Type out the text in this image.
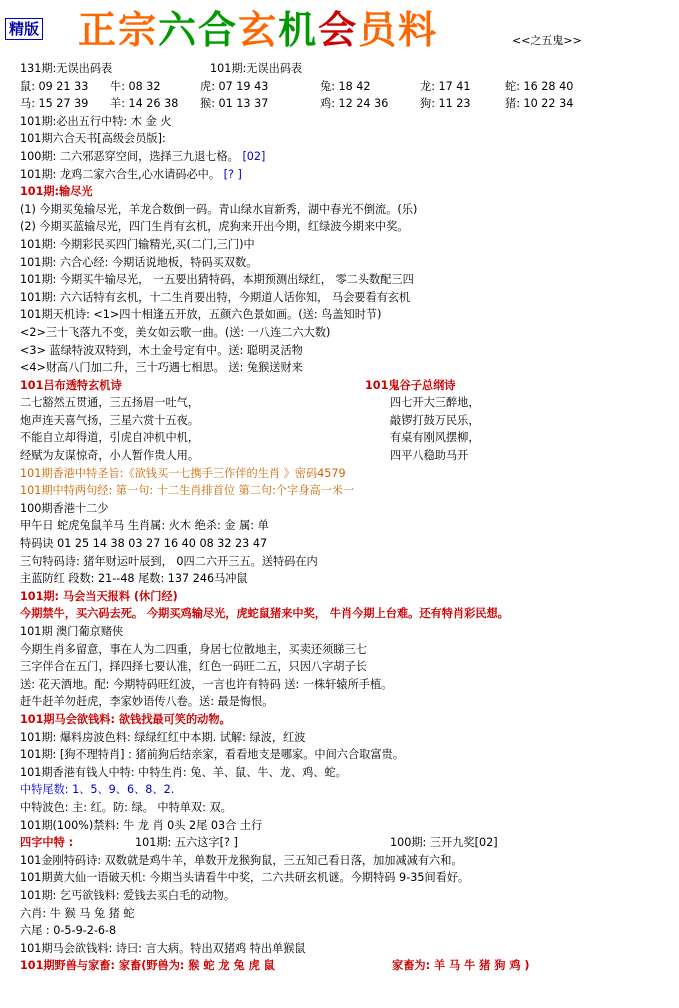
精版 正宗六合玄机会员料	<<之五鬼>>
131期:无误出码表	101期:无误出码表
鼠: 09 21 33 牛: 08 32	虎: 07 19 43	兔: 18 42	龙: 17 41	蛇: 16 28 40
马: 15 27 39 羊: 14 26 38 猴: 01 13 37	鸡: 12 24 36	狗: 11 23	猪: 10 22 34
101期:必出五行中特: 木 金 火
101期六合天书[高级会员版]:
100期: 二六邪恶穿空间，选择三九退七格。 [02]
101期: 龙鸡二家六合生,心水请码必中。 [? ]
101期:输尽光
(1) 今期买兔输尽光，羊龙合数倒一码。青山绿水盲新秀，湖中春光不倒流。(乐)
(2) 今期买蓝输尽光，四门生肖有玄机，虎狗来开出今期，红绿波今期来中奖。
101期: 今期彩民买四门输精光,买(二门,三门)中
101期: 六合心经: 今期话说地板，特码买双数。
101期: 今期买牛输尽光， 一五要出猜特码，本期预测出绿红， 零二头数配三四
101期: 六六话特有玄机，十二生肖要出特，今期道人话你知， 马会要看有玄机
101期天机诗: <1>四十相逢五开放，五颜六色景如画。(送: 鸟盖知时节)
<2>三十飞落九不变，美女如云歌一曲。(送: 一八连二六大数)
<3> 蓝绿特波双特到，木土金号定有中。送: 聪明灵活物
<4>财高八门加二升，三十巧遇七相思。 送: 兔猴送财来
101吕布透特玄机诗	101鬼谷子总纲诗
二七豁然五贯通，三五扬眉一吐气，	四七开大三醉地，
炮声连天喜气扬，三星六赏十五夜。	敲锣打鼓万民乐，
不能自立却得道，引虎自冲机中机，	有桌有刚风摆柳，
经赋为友谋惊奇，小人暂作贵人用。	四平八稳助马开
101期香港中特圣旨:《欲钱买一七携手三作伴的生肖 》密码4579
101期中特两句经: 第一句: 十二生肖排首位 第二句:个字身高一米一
100期香港十二少
甲午日 蛇虎兔鼠羊马 生肖属: 火木 绝杀: 金 属: 单
特码诀 01 25 14 38 03 27 16 40 08 32 23 47
三句特码诗: 猪年财运叶辰到， 0四二六开三五。送特码在内
主蓝防红 段数: 21--48 尾数: 137 246马冲鼠
101期: 马会当天报料 (休门经)
今期禁牛，买六码去死。 今期买鸡输尽光，虎蛇鼠猪来中奖， 牛肖今期上台难。还有特肖彩民想。
101期 澳门葡京赌侠
今期生肖多留意，事在人为二四重，身居七位散地主，买卖还须睇三七
三字伴合在五门，择四择七要认准，红色一码旺二五，只因八字胡子长
送: 花天酒地。配: 今期特码旺红波，一言也许有特码 送: 一株轩辕所手植。
赶牛赶羊勿赶虎，李家妙语传八卷。送: 最是悔恨。
101期马会欲钱料: 欲钱找最可笑的动物。
101期: 爆料房波色料: 绿绿红红中本期. 试解: 绿波，红波
101期: [狗不理特肖] : 猪前狗后结亲家，看看地支是哪家。中间六合取富贵。
101期香港有钱人中特: 中特生肖: 兔、羊、鼠、牛、龙、鸡、蛇。
中特尾数: 1、5、9、6、8、2.
中特波色: 主: 红。防: 绿。 中特单双: 双。
101期(100%)禁料: 牛 龙 肖 0头 2尾 03合 土行
四字中特 :	101期: 五六这字[? ]	100期: 三开九奖[02]
101金刚特码诗: 双数就是鸡牛羊，单数开龙猴狗鼠，三五知己看日落，加加减减有六和。
101期黄大仙一语破天机: 今期当头请看牛中奖，二六共研玄机谜。今期特码 9-35间看好。
101期: 乞丐欲钱料: 爱钱去买白毛的动物。
六肖: 牛 猴 马 兔 猪 蛇
六尾 : 0-5-9-2-6-8
101期马会欲钱料: 诗曰: 言大病。特出双猪鸡 特出单猴鼠
101期野兽与家畜: 家畜(野兽为: 猴 蛇 龙 兔 虎 鼠	家畜为: 羊 马 牛 猪 狗 鸡 )
